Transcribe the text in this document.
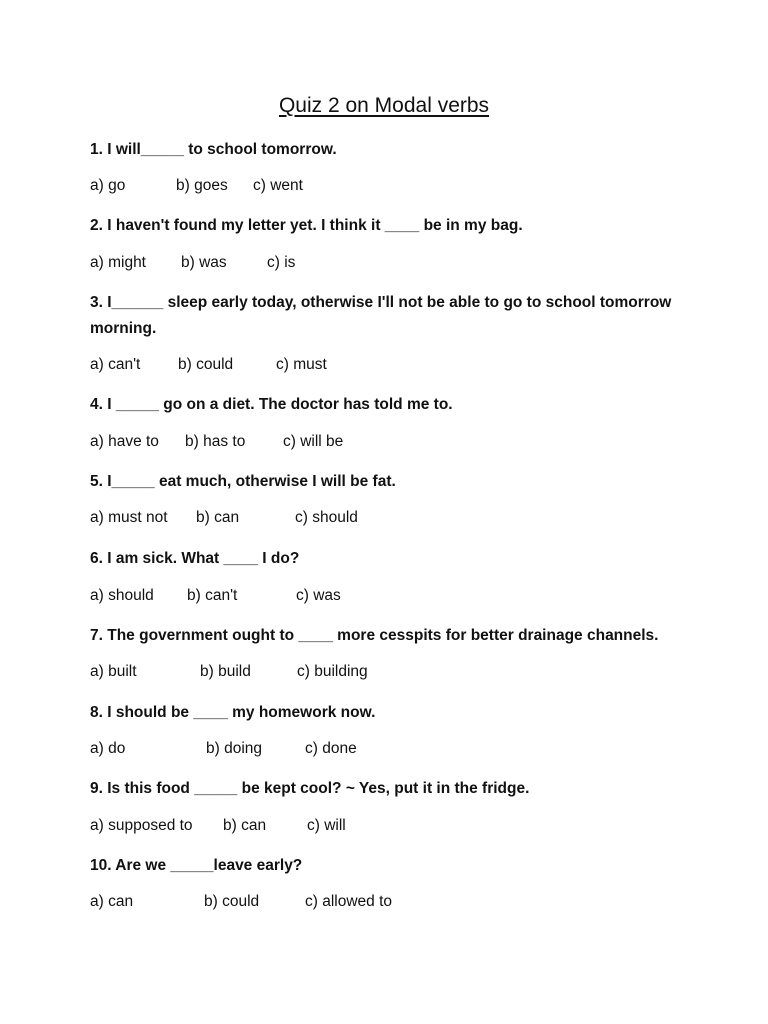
Quiz 2 on Modal verbs
1. I will_____ to school tomorrow.
a) go	b) goes c) went
2. I haven't found my letter yet. I think it ____ be in my bag.
a) might b) was	c) is
3. I______ sleep early today, otherwise I'll not be able to go to school tomorrow morning.
a) can't b) could	c) must
4. I _____ go on a diet. The doctor has told me to.
a) have to b) has to c) will be
5. I_____ eat much, otherwise I will be fat.
a) must not b) can	c) should
6. I am sick. What ____ I do?
a) should b) can't	c) was
7. The government ought to ____ more cesspits for better drainage channels.
a) built	b) build	c) building
8. I should be ____ my homework now.
a) do	b) doing	c) done
9. Is this food _____ be kept cool? ~ Yes, put it in the fridge.
a) supposed to b) can	c) will
10. Are we _____leave early?
a) can	b) could	c) allowed to
